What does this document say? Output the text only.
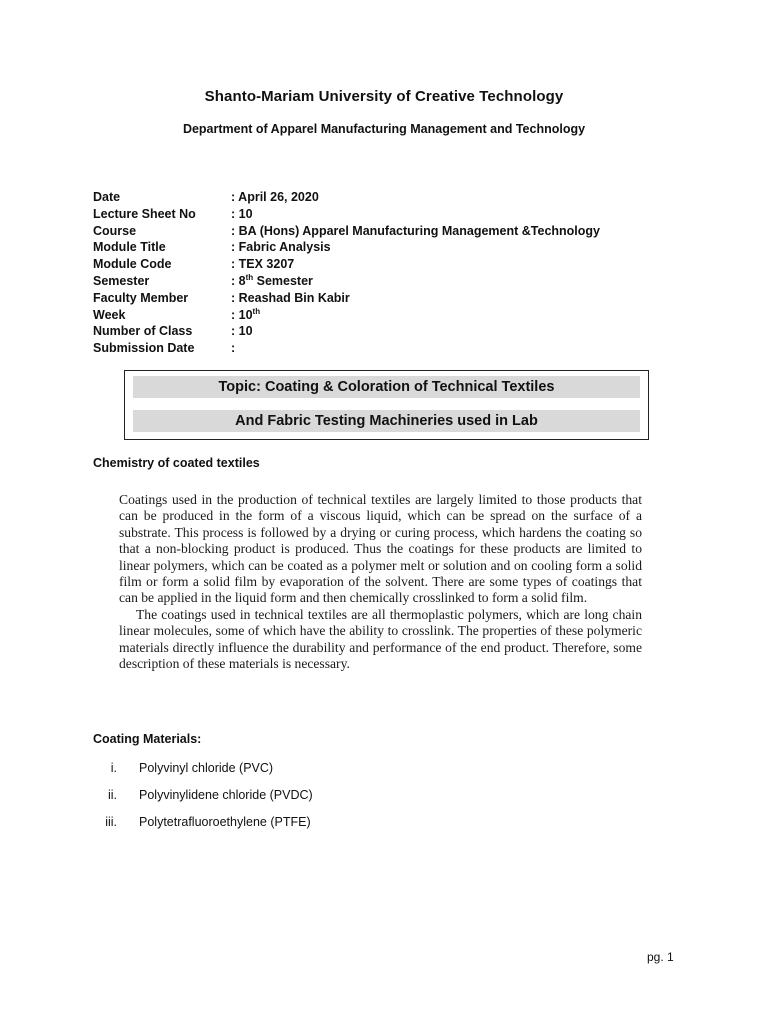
Shanto-Mariam University of Creative Technology
Department of Apparel Manufacturing Management and Technology
Date	: April 26, 2020
Lecture Sheet No	: 10
Course	: BA (Hons) Apparel Manufacturing Management &Technology
Module Title	: Fabric Analysis
Module Code	: TEX 3207
Semester	: 8th Semester
Faculty Member	: Reashad Bin Kabir
Week	: 10th
Number of Class	: 10
Submission Date	:
Topic: Coating & Coloration of Technical Textiles
And Fabric Testing Machineries used in Lab
Chemistry of coated textiles

Coatings used in the production of technical textiles are largely limited to those products that can be produced in the form of a viscous liquid, which can be spread on the surface of a substrate. This process is followed by a drying or curing process, which hardens the coating so that a non-blocking product is produced. Thus the coatings for these products are limited to linear polymers, which can be coated as a polymer melt or solution and on cooling form a solid film or form a solid film by evaporation of the solvent. There are some types of coatings that can be applied in the liquid form and then chemically crosslinked to form a solid film.

The coatings used in technical textiles are all thermoplastic polymers, which are long chain linear molecules, some of which have the ability to crosslink. The properties of these polymeric materials directly influence the durability and performance of the end product. Therefore, some description of these materials is necessary.

Coating Materials:
i. Polyvinyl chloride (PVC)
ii. Polyvinylidene chloride (PVDC)
iii. Polytetrafluoroethylene (PTFE)
pg. 1
